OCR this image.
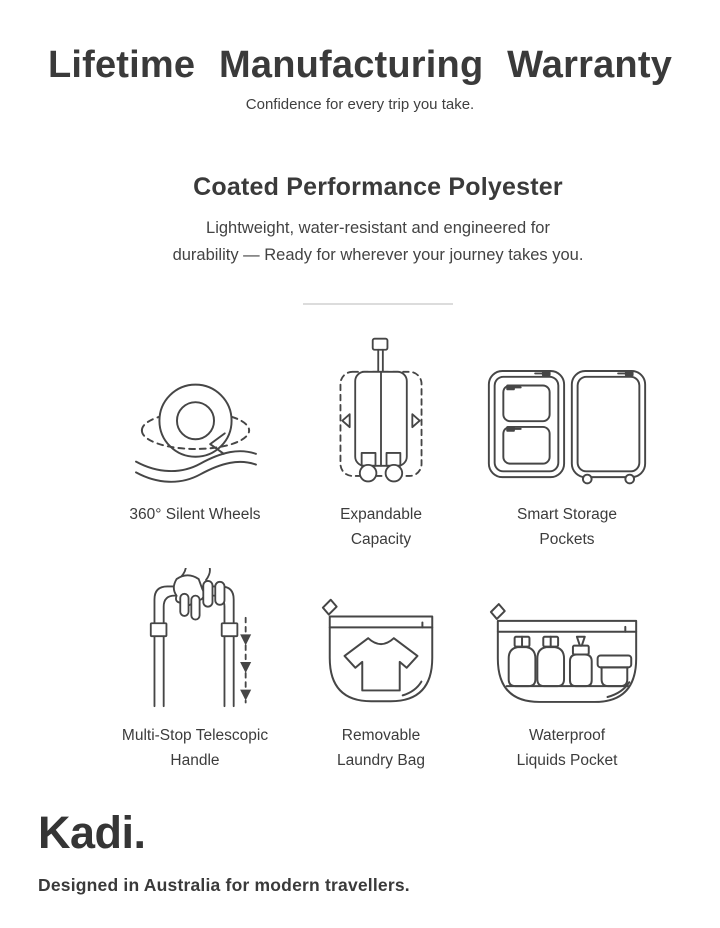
Lifetime Manufacturing Warranty
Confidence for every trip you take.
Coated Performance Polyester
Lightweight, water-resistant and engineered for
durability — Ready for wherever your journey takes you.
360° Silent Wheels	Expandable
Capacity
Smart Storage
Pockets
Multi-Stop Telescopic
Handle
Removable
Laundry Bag
Waterproof
Liquids Pocket
Kadi.
Designed in Australia for modern travellers.
